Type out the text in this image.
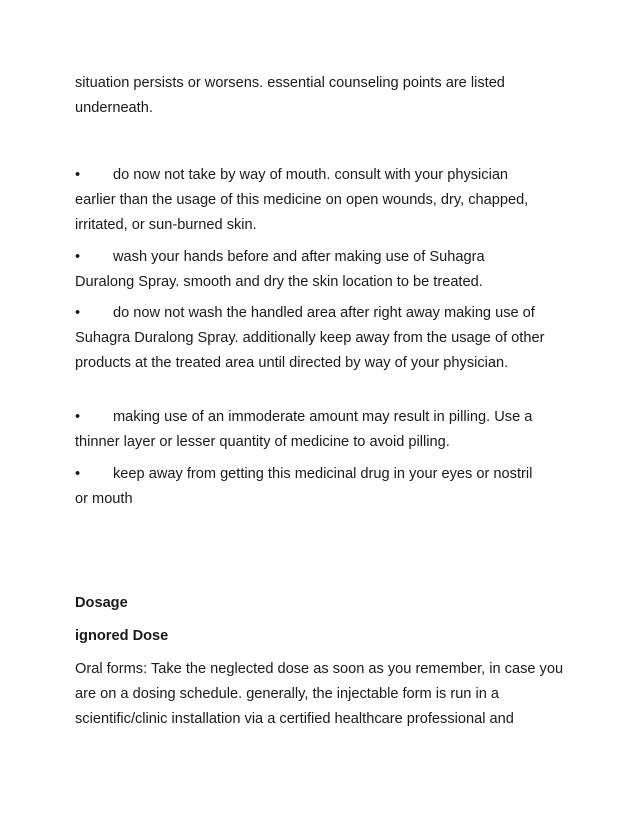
situation persists or worsens. essential counseling points are listed
underneath.

• do now not take by way of mouth. consult with your physician
earlier than the usage of this medicine on open wounds, dry, chapped, irritated, or sun-burned skin.

• wash your hands before and after making use of Suhagra
Duralong Spray. smooth and dry the skin location to be treated.

• do now not wash the handled area after right away making use of
Suhagra Duralong Spray. additionally keep away from the usage of other products at the treated area until directed by way of your physician.

• making use of an immoderate amount may result in pilling. Use a
thinner layer or lesser quantity of medicine to avoid pilling.

• keep away from getting this medicinal drug in your eyes or nostril
or mouth

Dosage

ignored Dose

Oral forms: Take the neglected dose as soon as you remember, in case you are on a dosing schedule. generally, the injectable form is run in a scientific/clinic installation via a certified healthcare professional and
